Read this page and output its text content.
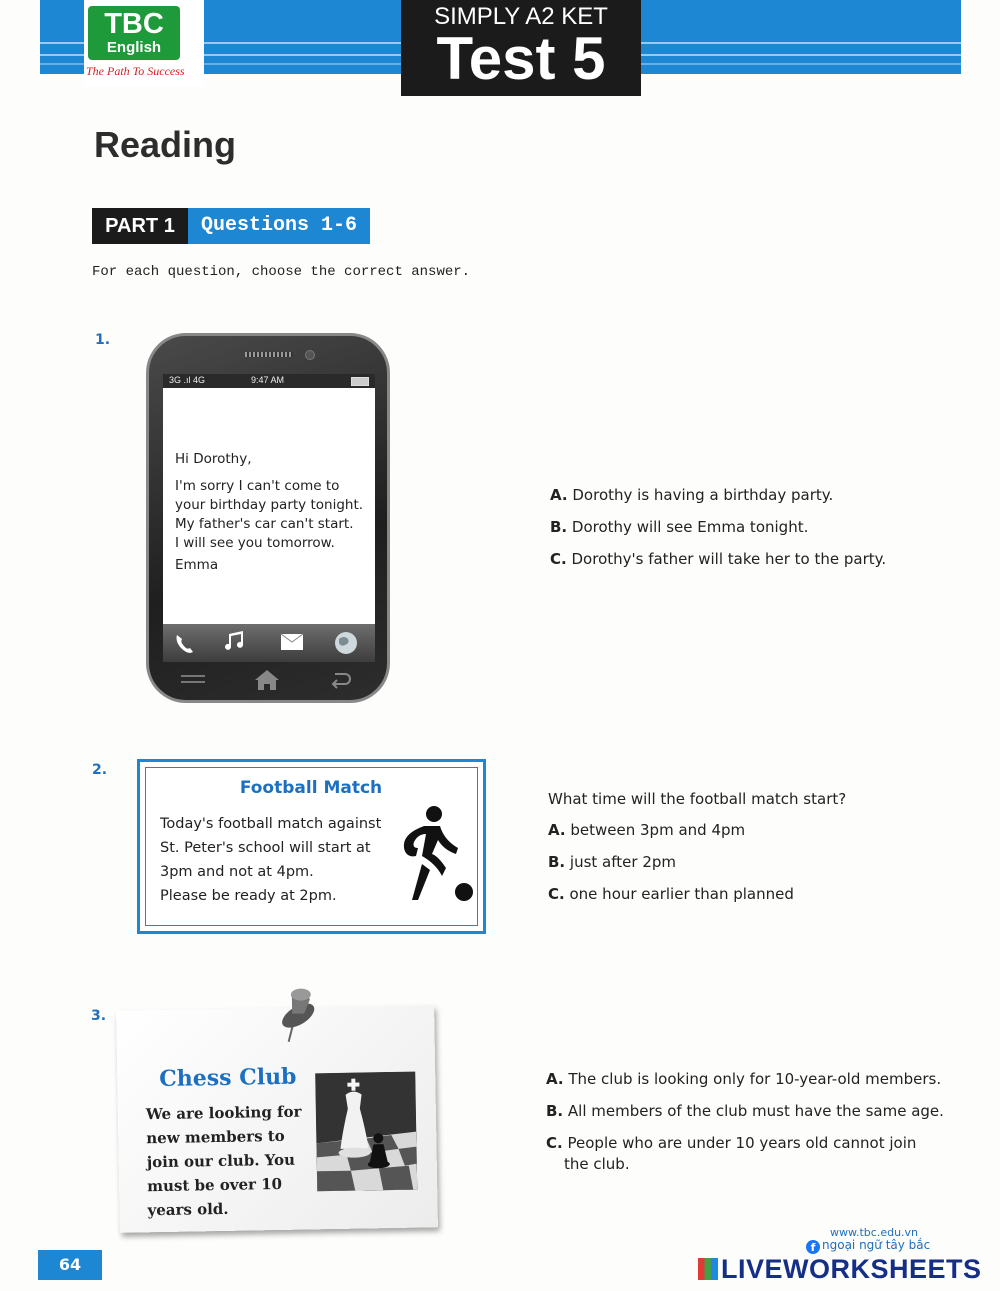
TBC
English
The Path To Success
SIMPLY A2 KET
Test 5
Reading
PART 1	Questions 1-6
For each question, choose the correct answer.
1.
3G .ıl 4G	9:47 AM
Hi Dorothy,
I'm sorry I can't come to
your birthday party tonight.
My father's car can't start.
I will see you tomorrow.
Emma
A. Dorothy is having a birthday party.
B. Dorothy will see Emma tonight.
C. Dorothy's father will take her to the party.
2.
Football Match
Today's football match against
St. Peter's school will start at
3pm and not at 4pm.
Please be ready at 2pm.
What time will the football match start?
A. between 3pm and 4pm
B. just after 2pm
C. one hour earlier than planned
3.
Chess Club
We are looking for
new members to
join our club. You
must be over 10
years old.
A. The club is looking only for 10-year-old members.
B. All members of the club must have the same age.
C. People who are under 10 years old cannot join
the club.
64
www.tbc.edu.vn
f ngoại ngữ tây bắc
LIVEWORKSHEETS
